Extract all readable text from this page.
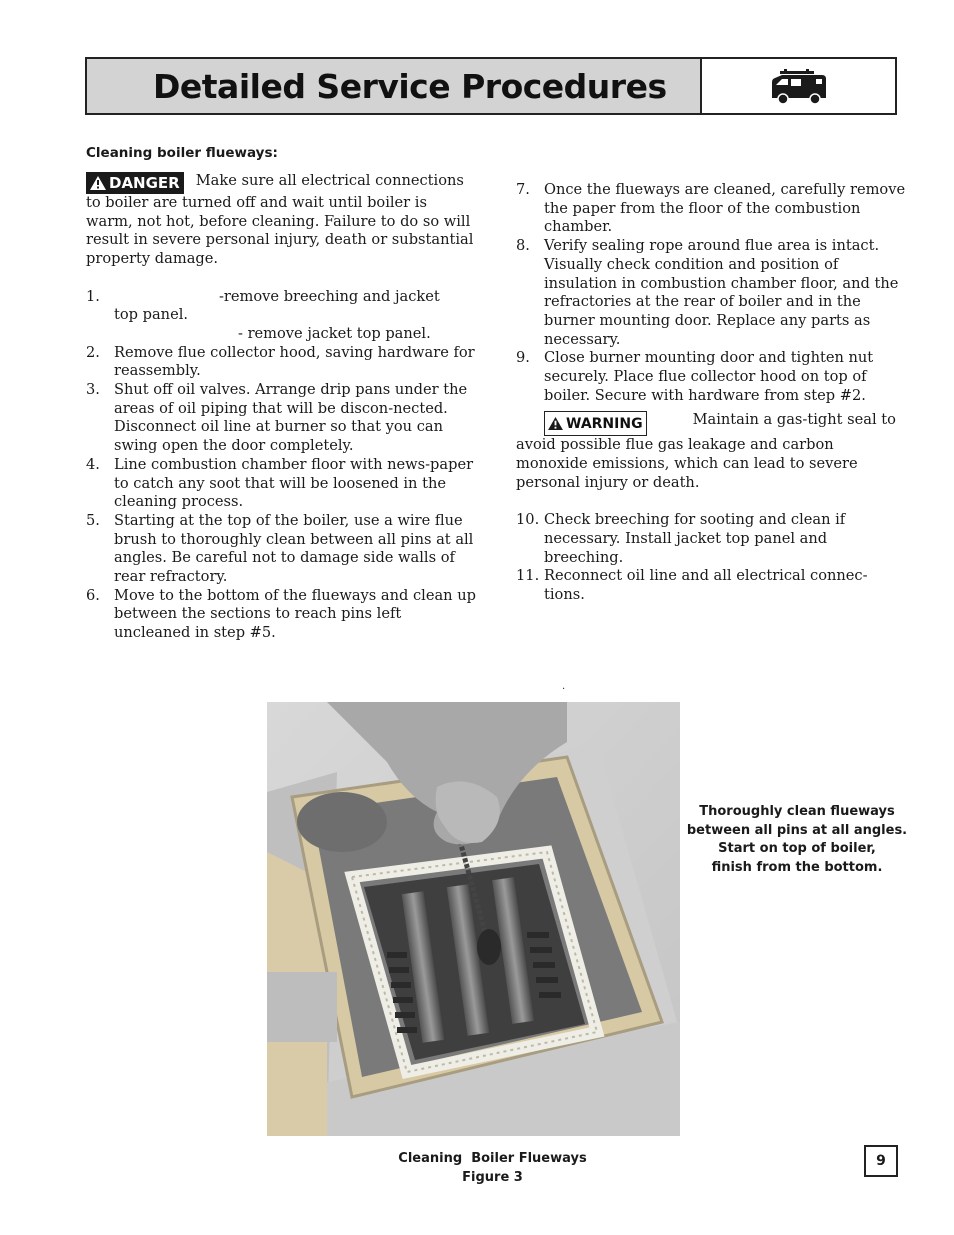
Detailed Service Procedures
Cleaning boiler flueways:

DANGER Make sure all electrical connections to boiler are turned off and wait until boiler is warm, not hot, before cleaning. Failure to do so will result in severe personal injury, death or substantial property damage.

1.	-remove breeching and jacket
top panel.
- remove jacket top panel.
2. Remove flue collector hood, saving hardware for reassembly.
3. Shut off oil valves. Arrange drip pans under the areas of oil piping that will be discon-nected. Disconnect oil line at burner so that you can swing open the door completely.
4. Line combustion chamber floor with news-paper to catch any soot that will be loosened in the cleaning process.
5. Starting at the top of the boiler, use a wire flue brush to thoroughly clean between all pins at all angles. Be careful not to damage side walls of rear refractory.
6. Move to the bottom of the flueways and clean up between the sections to reach pins left uncleaned in step #5.
7. Once the flueways are cleaned, carefully remove the paper from the floor of the combustion chamber.
8. Verify sealing rope around flue area is intact. Visually check condition and position of insulation in combustion chamber floor, and the refractories at the rear of boiler and in the burner mounting door. Replace any parts as necessary.
9. Close burner mounting door and tighten nut securely. Place flue collector hood on top of boiler. Secure with hardware from step #2.

WARNING	Maintain a gas-tight seal to avoid possible flue gas leakage and carbon monoxide emissions, which can lead to severe personal injury or death.

10. Check breeching for sooting and clean if necessary. Install jacket top panel and breeching.
11. Reconnect oil line and all electrical connec-tions.
.
Thoroughly clean flueways
between all pins at all angles.
Start on top of boiler,
finish from the bottom.
Cleaning  Boiler Flueways
Figure 3
9
